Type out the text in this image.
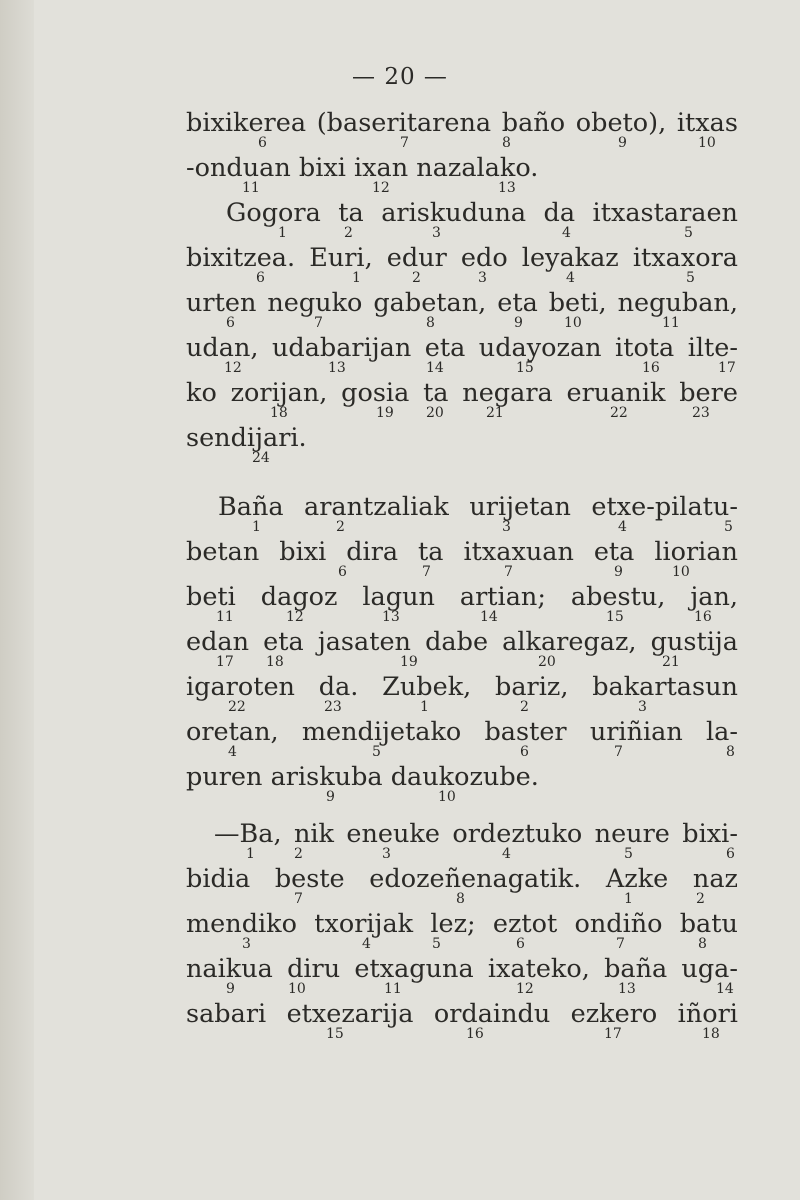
— 20 —
bixikerea (baseritarena baño obeto), itxas
6	7	8	9	10
-onduan bixi ixan nazalako.
11	12	13
Gogora ta ariskuduna da itxastaraen
1	2	3	4	5
bixitzea. Euri, edur edo leyakaz itxaxora
6	1	2	3	4	5
urten neguko gabetan, eta beti, neguban,
6	7	8	9	10	11
udan, udabarijan eta udayozan itota ilte-
12	13	14	15	16	17
ko zorijan, gosia ta negara eruanik bere
18	19 20	21	22	23
sendijari.
24
Baña arantzaliak urijetan etxe-pilatu-
1	2	3	4	5
betan bixi dira ta itxaxuan eta liorian
6	7	7	9	10
beti dagoz lagun artian; abestu, jan,
11	12	13	14	15	16
edan eta jasaten dabe alkaregaz, gustija
17 18	19	20	21
igaroten da. Zubek, bariz, bakartasun
22	23	1	2	3
oretan, mendijetako baster uriñian la-
4	5	6	7	8
puren ariskuba daukozube.
9	10
—Ba, nik eneuke ordeztuko neure bixi-
1	2	3	4	5	6
bidia beste edozeñenagatik. Azke naz
7	8	1	2
mendiko txorijak lez; eztot ondiño batu
3	4	5	6	7	8
naikua diru etxaguna ixateko, baña uga-
9	10	11	12	13	14
sabari etxezarija ordaindu ezkero iñori
15	16	17	18
